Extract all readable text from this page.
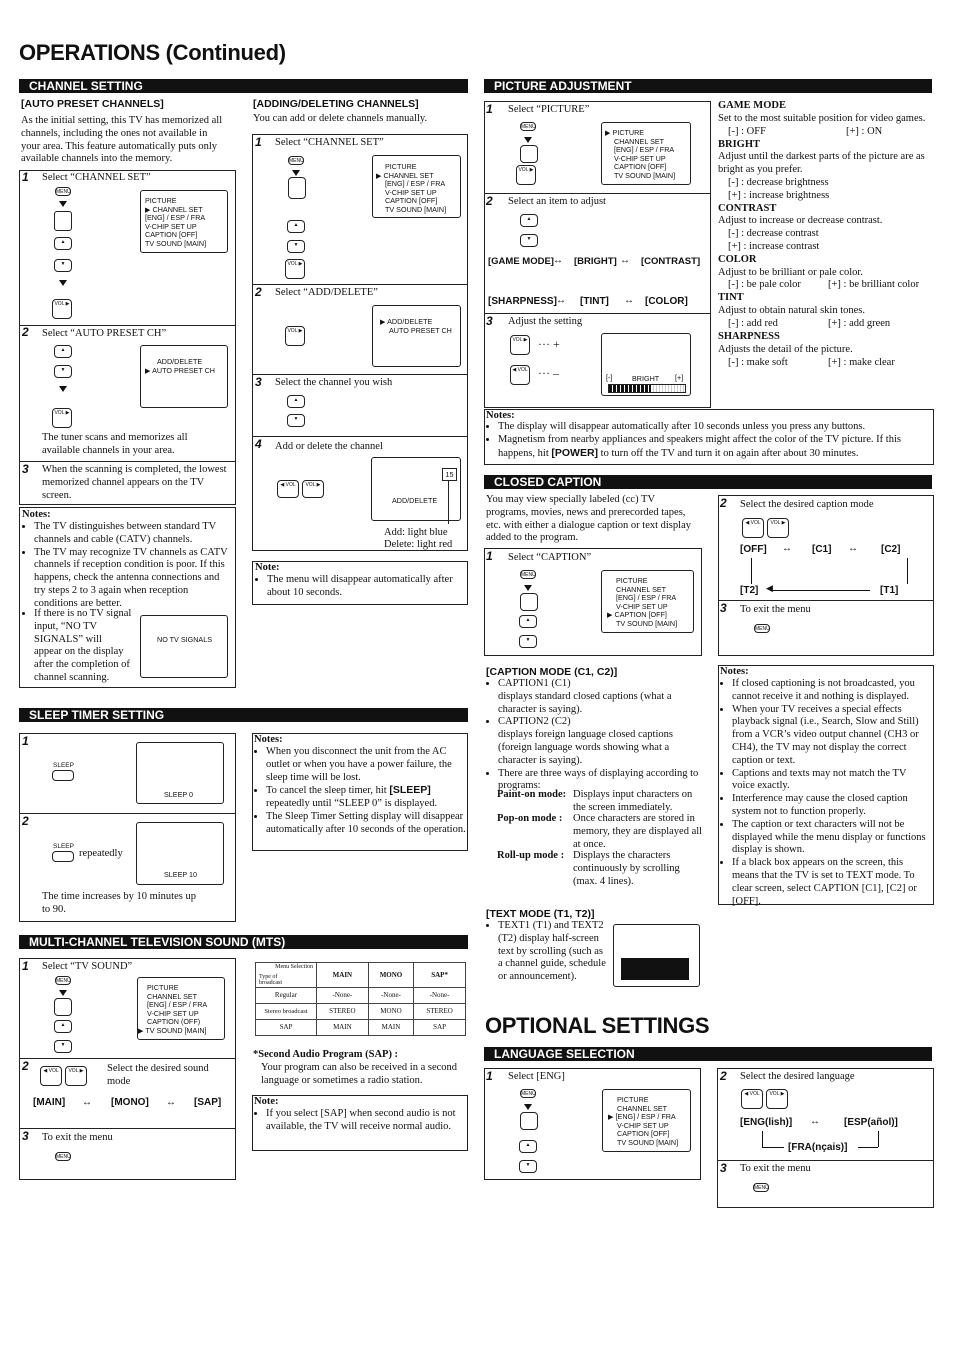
OPERATIONS (Continued)
CHANNEL SETTING
[AUTO PRESET CHANNELS]
As the initial setting, this TV has memorized all channels, including the ones not available in your area. This feature automatically puts only available channels into the memory.
1 Select “CHANNEL SET”
MENU
▲
▼
VOL ▶
PICTURE
▶ CHANNEL SET
[ENG] / ESP / FRA
V-CHIP SET UP
CAPTION [OFF]
TV SOUND [MAIN]
2 Select “AUTO PRESET CH”
▲
▼
VOL ▶
ADD/DELETE
▶ AUTO PRESET CH
The tuner scans and memorizes all available channels in your area.
3 When the scanning is completed, the lowest memorized channel appears on the TV screen.
Notes:
• The TV distinguishes between standard TV channels and cable (CATV) channels.
• The TV may recognize TV channels as CATV channels if reception condition is poor. If this happens, check the antenna connections and try steps 2 to 3 again when reception conditions are better.
• If there is no TV signal input, “NO TV SIGNALS” will appear on the display after the completion of channel scanning.
NO TV SIGNALS
[ADDING/DELETING CHANNELS]
You can add or delete channels manually.
1 Select “CHANNEL SET”
MENU
▲
▼
VOL ▶
PICTURE
▶ CHANNEL SET
[ENG] / ESP / FRA
V-CHIP SET UP
CAPTION [OFF]
TV SOUND [MAIN]
2 Select “ADD/DELETE”
VOL ▶
▶ ADD/DELETE
AUTO PRESET CH
3 Select the channel you wish
▲
▼
4 Add or delete the channel
◀ VOL	VOL ▶
15
ADD/DELETE
Add: light blue
Delete: light red
Note:
• The menu will disappear automatically after about 10 seconds.
PICTURE ADJUSTMENT
1 Select “PICTURE”
MENU
VOL ▶
▶ PICTURE
CHANNEL SET
[ENG] / ESP / FRA
V-CHIP SET UP
CAPTION [OFF]
TV SOUND [MAIN]
2 Select an item to adjust
▲
▼
[GAME MODE] ↔ [BRIGHT] ↔ [CONTRAST]
[SHARPNESS] ↔ [TINT] ↔ [COLOR]
3 Adjust the setting
VOL ▶ ··· +
◀ VOL ··· –	[-]	BRIGHT [+]
GAME MODE
Set to the most suitable position for video games.
[-] : OFF	[+] : ON
BRIGHT
Adjust until the darkest parts of the picture are as bright as you prefer.
[-] : decrease brightness
[+] : increase brightness
CONTRAST
Adjust to increase or decrease contrast.
[-] : decrease contrast
[+] : increase contrast
COLOR
Adjust to be brilliant or pale color.
[-] : be pale color	[+] : be brilliant color
TINT
Adjust to obtain natural skin tones.
[-] : add red	[+] : add green
SHARPNESS
Adjusts the detail of the picture.
[-] : make soft	[+] : make clear
Notes:
• The display will disappear automatically after 10 seconds unless you press any buttons.
• Magnetism from nearby appliances and speakers might affect the color of the TV picture. If this happens, hit [POWER] to turn off the TV and turn it on again after about 30 minutes.
CLOSED CAPTION
You may view specially labeled (cc) TV programs, movies, news and prerecorded tapes, etc. with either a dialogue caption or text display added to the program.
1 Select “CAPTION”
MENU
▲
▼
PICTURE
CHANNEL SET
[ENG] / ESP / FRA
V-CHIP SET UP
▶ CAPTION [OFF]
TV SOUND [MAIN]
2 Select the desired caption mode
◀ VOL	VOL ▶
[OFF] ↔ [C1] ↔ [C2]
[T2]	[T1]
◀
3 To exit the menu
MENU
[CAPTION MODE (C1, C2)]
• CAPTION1 (C1)
displays standard closed captions (what a character is saying).
• CAPTION2 (C2)
displays foreign language closed captions (foreign language words showing what a character is saying).
• There are three ways of displaying according to programs:
Paint-on mode: Displays input characters on the screen immediately.
Pop-on mode : Once characters are stored in memory, they are displayed all at once.
Roll-up mode : Displays the characters continuously by scrolling (max. 4 lines).
[TEXT MODE (T1, T2)]
• TEXT1 (T1) and TEXT2 (T2) display half-screen text by scrolling (such as a channel guide, schedule or announcement).
Notes:
• If closed captioning is not broadcasted, you cannot receive it and nothing is displayed.
• When your TV receives a special effects playback signal (i.e., Search, Slow and Still) from a VCR’s video output channel (CH3 or CH4), the TV may not display the correct caption or text.
• Captions and texts may not match the TV voice exactly.
• Interference may cause the closed caption system not to function properly.
• The caption or text characters will not be displayed while the menu display or functions display is shown.
• If a black box appears on the screen, this means that the TV is set to TEXT mode. To clear screen, select CAPTION [C1], [C2] or [OFF].
SLEEP TIMER SETTING
1
SLEEP
SLEEP 0
2
SLEEP
repeatedly
SLEEP 10
The time increases by 10 minutes up to 90.
Notes:
• When you disconnect the unit from the AC outlet or when you have a power failure, the sleep time will be lost.
• To cancel the sleep timer, hit [SLEEP] repeatedly until “SLEEP 0” is displayed.
• The Sleep Timer Setting display will disappear automatically after 10 seconds of the operation.
MULTI-CHANNEL TELEVISION SOUND (MTS)
1 Select “TV SOUND”
MENU
▲
▼
PICTURE
CHANNEL SET
[ENG] / ESP / FRA
V-CHIP SET UP
CAPTION (OFF)
▶ TV SOUND [MAIN]
2	◀ VOL	VOL ▶	Select the desired sound mode
[MAIN] ↔ [MONO] ↔ [SAP]
3 To exit the menu
MENU
Menu Selection
Type of broadcast	MAIN	MONO	SAP*
Regular	-None-	-None-	-None-
Stereo broadcast	STEREO	MONO	STEREO
SAP	MAIN	MAIN	SAP
*Second Audio Program (SAP) :
Your program can also be received in a second language or sometimes a radio station.
Note:
• If you select [SAP] when second audio is not available, the TV will receive normal audio.
OPTIONAL SETTINGS
LANGUAGE SELECTION
1 Select [ENG]
MENU
▲
▼
PICTURE
CHANNEL SET
▶ [ENG] / ESP / FRA
V-CHIP SET UP
CAPTION [OFF]
TV SOUND [MAIN]
2 Select the desired language
◀ VOL	VOL ▶
[ENG(lish)] ↔ [ESP(añol)]
[FRA(nçais)]
3 To exit the menu
MENU
